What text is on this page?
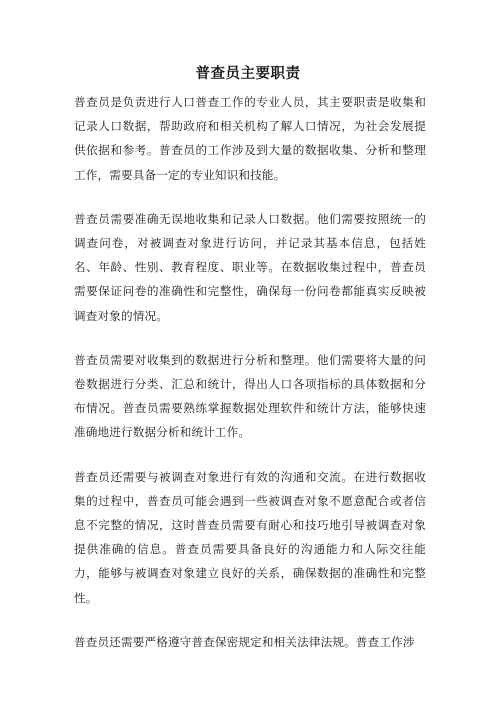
普查员主要职责

普查员是负责进行人口普查工作的专业人员，其主要职责是收集和记录人口数据，帮助政府和相关机构了解人口情况，为社会发展提供依据和参考。普查员的工作涉及到大量的数据收集、分析和整理工作，需要具备一定的专业知识和技能。

普查员需要准确无误地收集和记录人口数据。他们需要按照统一的调查问卷，对被调查对象进行访问，并记录其基本信息，包括姓名、年龄、性别、教育程度、职业等。在数据收集过程中，普查员需要保证问卷的准确性和完整性，确保每一份问卷都能真实反映被调查对象的情况。

普查员需要对收集到的数据进行分析和整理。他们需要将大量的问卷数据进行分类、汇总和统计，得出人口各项指标的具体数据和分布情况。普查员需要熟练掌握数据处理软件和统计方法，能够快速准确地进行数据分析和统计工作。

普查员还需要与被调查对象进行有效的沟通和交流。在进行数据收集的过程中，普查员可能会遇到一些被调查对象不愿意配合或者信息不完整的情况，这时普查员需要有耐心和技巧地引导被调查对象提供准确的信息。普查员需要具备良好的沟通能力和人际交往能力，能够与被调查对象建立良好的关系，确保数据的准确性和完整性。

普查员还需要严格遵守普查保密规定和相关法律法规。普查工作涉
